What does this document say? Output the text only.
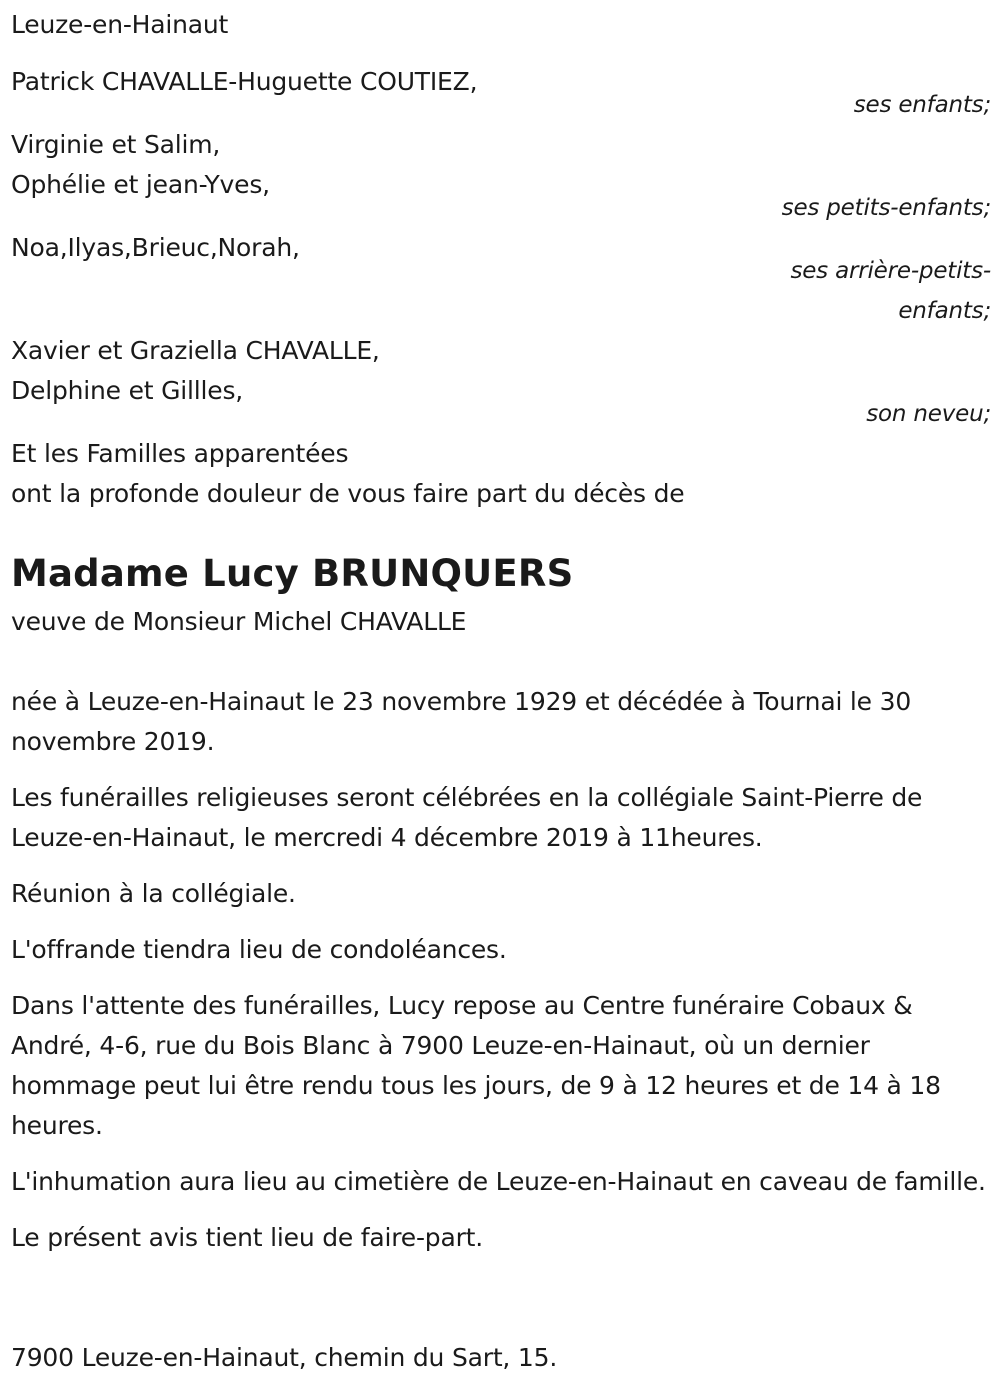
Leuze-en-Hainaut
Patrick CHAVALLE-Huguette COUTIEZ,
ses enfants;
Virginie et Salim,
Ophélie et jean-Yves,
ses petits-enfants;
Noa,Ilyas,Brieuc,Norah,
ses arrière-petits-
enfants;
Xavier et Graziella CHAVALLE,
Delphine et Gillles,
son neveu;
Et les Familles apparentées
ont la profonde douleur de vous faire part du décès de
Madame Lucy BRUNQUERS
veuve de Monsieur Michel CHAVALLE

née à Leuze-en-Hainaut le 23 novembre 1929 et décédée à Tournai le 30 novembre 2019.

Les funérailles religieuses seront célébrées en la collégiale Saint-Pierre de Leuze-en-Hainaut, le mercredi 4 décembre 2019 à 11heures.

Réunion à la collégiale.

L'offrande tiendra lieu de condoléances.

Dans l'attente des funérailles, Lucy repose au Centre funéraire Cobaux & André, 4-6, rue du Bois Blanc à 7900 Leuze-en-Hainaut, où un dernier hommage peut lui être rendu tous les jours, de 9 à 12 heures et de 14 à 18 heures.

L'inhumation aura lieu au cimetière de Leuze-en-Hainaut en caveau de famille.

Le présent avis tient lieu de faire-part.

7900 Leuze-en-Hainaut, chemin du Sart, 15.
